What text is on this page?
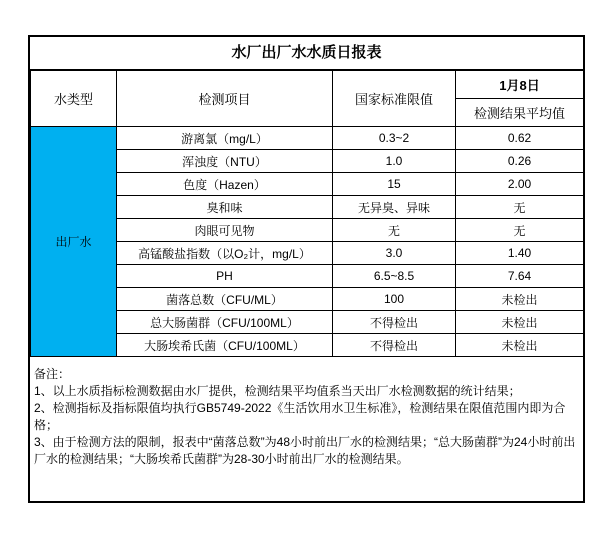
水厂出厂水水质日报表
水类型	检测项目	国家标准限值	1月8日
			检测结果平均值
出厂水	游离氯（mg/L）	0.3~2	0.62
	浑浊度（NTU）	1.0	0.26
	色度（Hazen）	15	2.00
	臭和味	无异臭、异味	无
	肉眼可见物	无	无
	高锰酸盐指数（以O₂计，mg/L）	3.0	1.40
	PH	6.5~8.5	7.64
	菌落总数（CFU/ML）	100	未检出
	总大肠菌群（CFU/100ML）	不得检出	未检出
	大肠埃希氏菌（CFU/100ML）	不得检出	未检出
备注：
1、以上水质指标检测数据由水厂提供，检测结果平均值系当天出厂水检测数据的统计结果；
2、检测指标及指标限值均执行GB5749-2022《生活饮用水卫生标准》，检测结果在限值范围内即为合格；
3、由于检测方法的限制，报表中“菌落总数”为48小时前出厂水的检测结果；“总大肠菌群”为24小时前出厂水的检测结果；“大肠埃希氏菌群”为28-30小时前出厂水的检测结果。
